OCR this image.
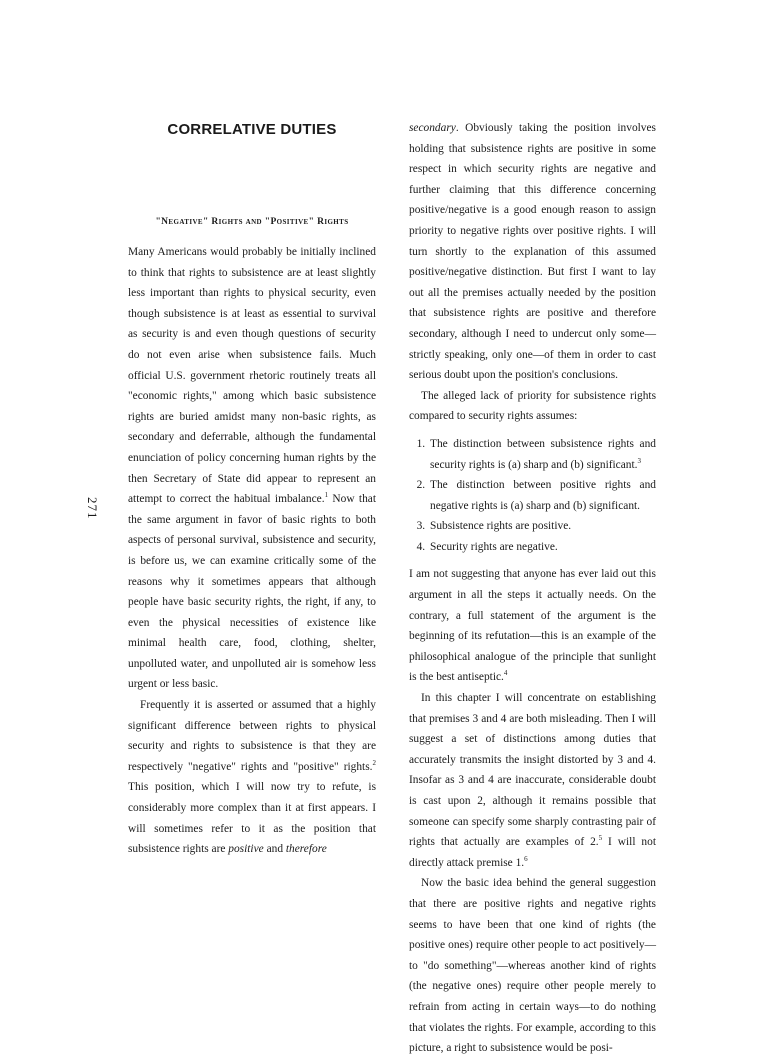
271
CORRELATIVE DUTIES
"Negative" Rights and "Positive" Rights

Many Americans would probably be initially inclined to think that rights to subsistence are at least slightly less important than rights to physical security, even though subsistence is at least as essential to survival as security is and even though questions of security do not even arise when subsistence fails. Much official U.S. government rhetoric routinely treats all "economic rights," among which basic subsistence rights are buried amidst many non-basic rights, as secondary and deferrable, although the fundamental enunciation of policy concerning human rights by the then Secretary of State did appear to represent an attempt to correct the habitual imbalance.$^1$ Now that the same argument in favor of basic rights to both aspects of personal survival, subsistence and security, is before us, we can examine critically some of the reasons why it sometimes appears that although people have basic security rights, the right, if any, to even the physical necessities of existence like minimal health care, food, clothing, shelter, unpolluted water, and unpolluted air is somehow less urgent or less basic.

Frequently it is asserted or assumed that a highly significant difference between rights to physical security and rights to subsistence is that they are respectively "negative" rights and "positive" rights.$^2$ This position, which I will now try to refute, is considerably more complex than it at first appears. I will sometimes refer to it as the position that subsistence rights are positive and therefore

secondary. Obviously taking the position involves holding that subsistence rights are positive in some respect in which security rights are negative and further claiming that this difference concerning positive/negative is a good enough reason to assign priority to negative rights over positive rights. I will turn shortly to the explanation of this assumed positive/negative distinction. But first I want to lay out all the premises actually needed by the position that subsistence rights are positive and therefore secondary, although I need to undercut only some—strictly speaking, only one—of them in order to cast serious doubt upon the position's conclusions.

The alleged lack of priority for subsistence rights compared to security rights assumes:

1. The distinction between subsistence rights and security rights is (a) sharp and (b) significant.$^3$
2. The distinction between positive rights and negative rights is (a) sharp and (b) significant.
3. Subsistence rights are positive.
4. Security rights are negative.

I am not suggesting that anyone has ever laid out this argument in all the steps it actually needs. On the contrary, a full statement of the argument is the beginning of its refutation—this is an example of the philosophical analogue of the principle that sunlight is the best antiseptic.$^4$

In this chapter I will concentrate on establishing that premises 3 and 4 are both misleading. Then I will suggest a set of distinctions among duties that accurately transmits the insight distorted by 3 and 4. Insofar as 3 and 4 are inaccurate, considerable doubt is cast upon 2, although it remains possible that someone can specify some sharply contrasting pair of rights that actually are examples of 2.$^5$ I will not directly attack premise 1.$^6$

Now the basic idea behind the general suggestion that there are positive rights and negative rights seems to have been that one kind of rights (the positive ones) require other people to act positively—to "do something"—whereas another kind of rights (the negative ones) require other people merely to refrain from acting in certain ways—to do nothing that violates the rights. For example, according to this picture, a right to subsistence would be posi-
